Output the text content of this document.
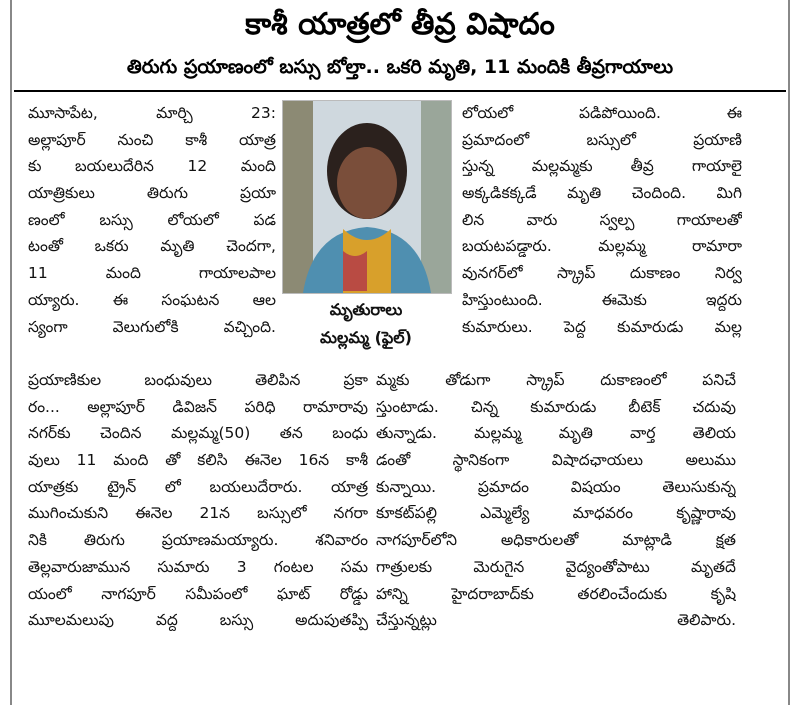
కాశీ యాత్రలో తీవ్ర విషాదం
తిరుగు ప్రయాణంలో బస్సు బోల్తా.. ఒకరి మృతి, 11 మందికి తీవ్రగాయాలు
మూసాపేట, మార్చి 23:
అల్లాపూర్ నుంచి కాశీ యాత్ర
కు బయలుదేరిన 12 మంది
యాత్రికులు తిరుగు ప్రయా
ణంలో బస్సు లోయలో పడ
టంతో ఒకరు మృతి చెందగా,
11 మంది గాయాలపాల
య్యారు. ఈ సంఘటన ఆల
స్యంగా వెలుగులోకి వచ్చింది.
మృతురాలు
మల్లమ్మ (ఫైల్)
లోయలో పడిపోయింది. ఈ
ప్రమాదంలో బస్సులో ప్రయాణి
స్తున్న మల్లమ్మకు తీవ్ర గాయాలై
అక్కడికక్కడే మృతి చెందింది. మిగి
లిన వారు స్వల్ప గాయాలతో
బయటపడ్డారు. మల్లమ్మ రామారా
వునగర్‌లో స్క్రాప్ దుకాణం నిర్వ
హిస్తుంటుంది. ఈమెకు ఇద్దరు
కుమారులు. పెద్ద కుమారుడు మల్ల
ప్రయాణికుల బంధువులు తెలిపిన ప్రకా
రం... అల్లాపూర్ డివిజన్ పరిధి రామారావు
నగర్‌కు చెందిన మల్లమ్మ(50) తన బంధు
వులు 11 మంది తో కలిసి ఈనెల 16న కాశీ
యాత్రకు ట్రైన్ లో బయలుదేరారు. యాత్ర
ముగించుకుని ఈనెల 21న బస్సులో నగరా
నికి తిరుగు ప్రయాణమయ్యారు. శనివారం
తెల్లవారుజామున సుమారు 3 గంటల సమ
యంలో నాగపూర్ సమీపంలో ఘాట్ రోడ్డు
మూలమలుపు వద్ద బస్సు అదుపుతప్పి
మ్మకు తోడుగా స్క్రాప్ దుకాణంలో పనిచే
స్తుంటాడు. చిన్న కుమారుడు బీటెక్ చదువు
తున్నాడు. మల్లమ్మ మృతి వార్త తెలియ
డంతో స్థానికంగా విషాదఛాయలు అలుము
కున్నాయి. ప్రమాదం విషయం తెలుసుకున్న
కూకట్‌పల్లి ఎమ్మెల్యే మాధవరం కృష్ణారావు
నాగపూర్‌లోని అధికారులతో మాట్లాడి క్షత
గాత్రులకు మెరుగైన వైద్యంతోపాటు మృతదే
హాన్ని హైదరాబాద్‌కు తరలించేందుకు కృషి
చేస్తున్నట్లు తెలిపారు.
